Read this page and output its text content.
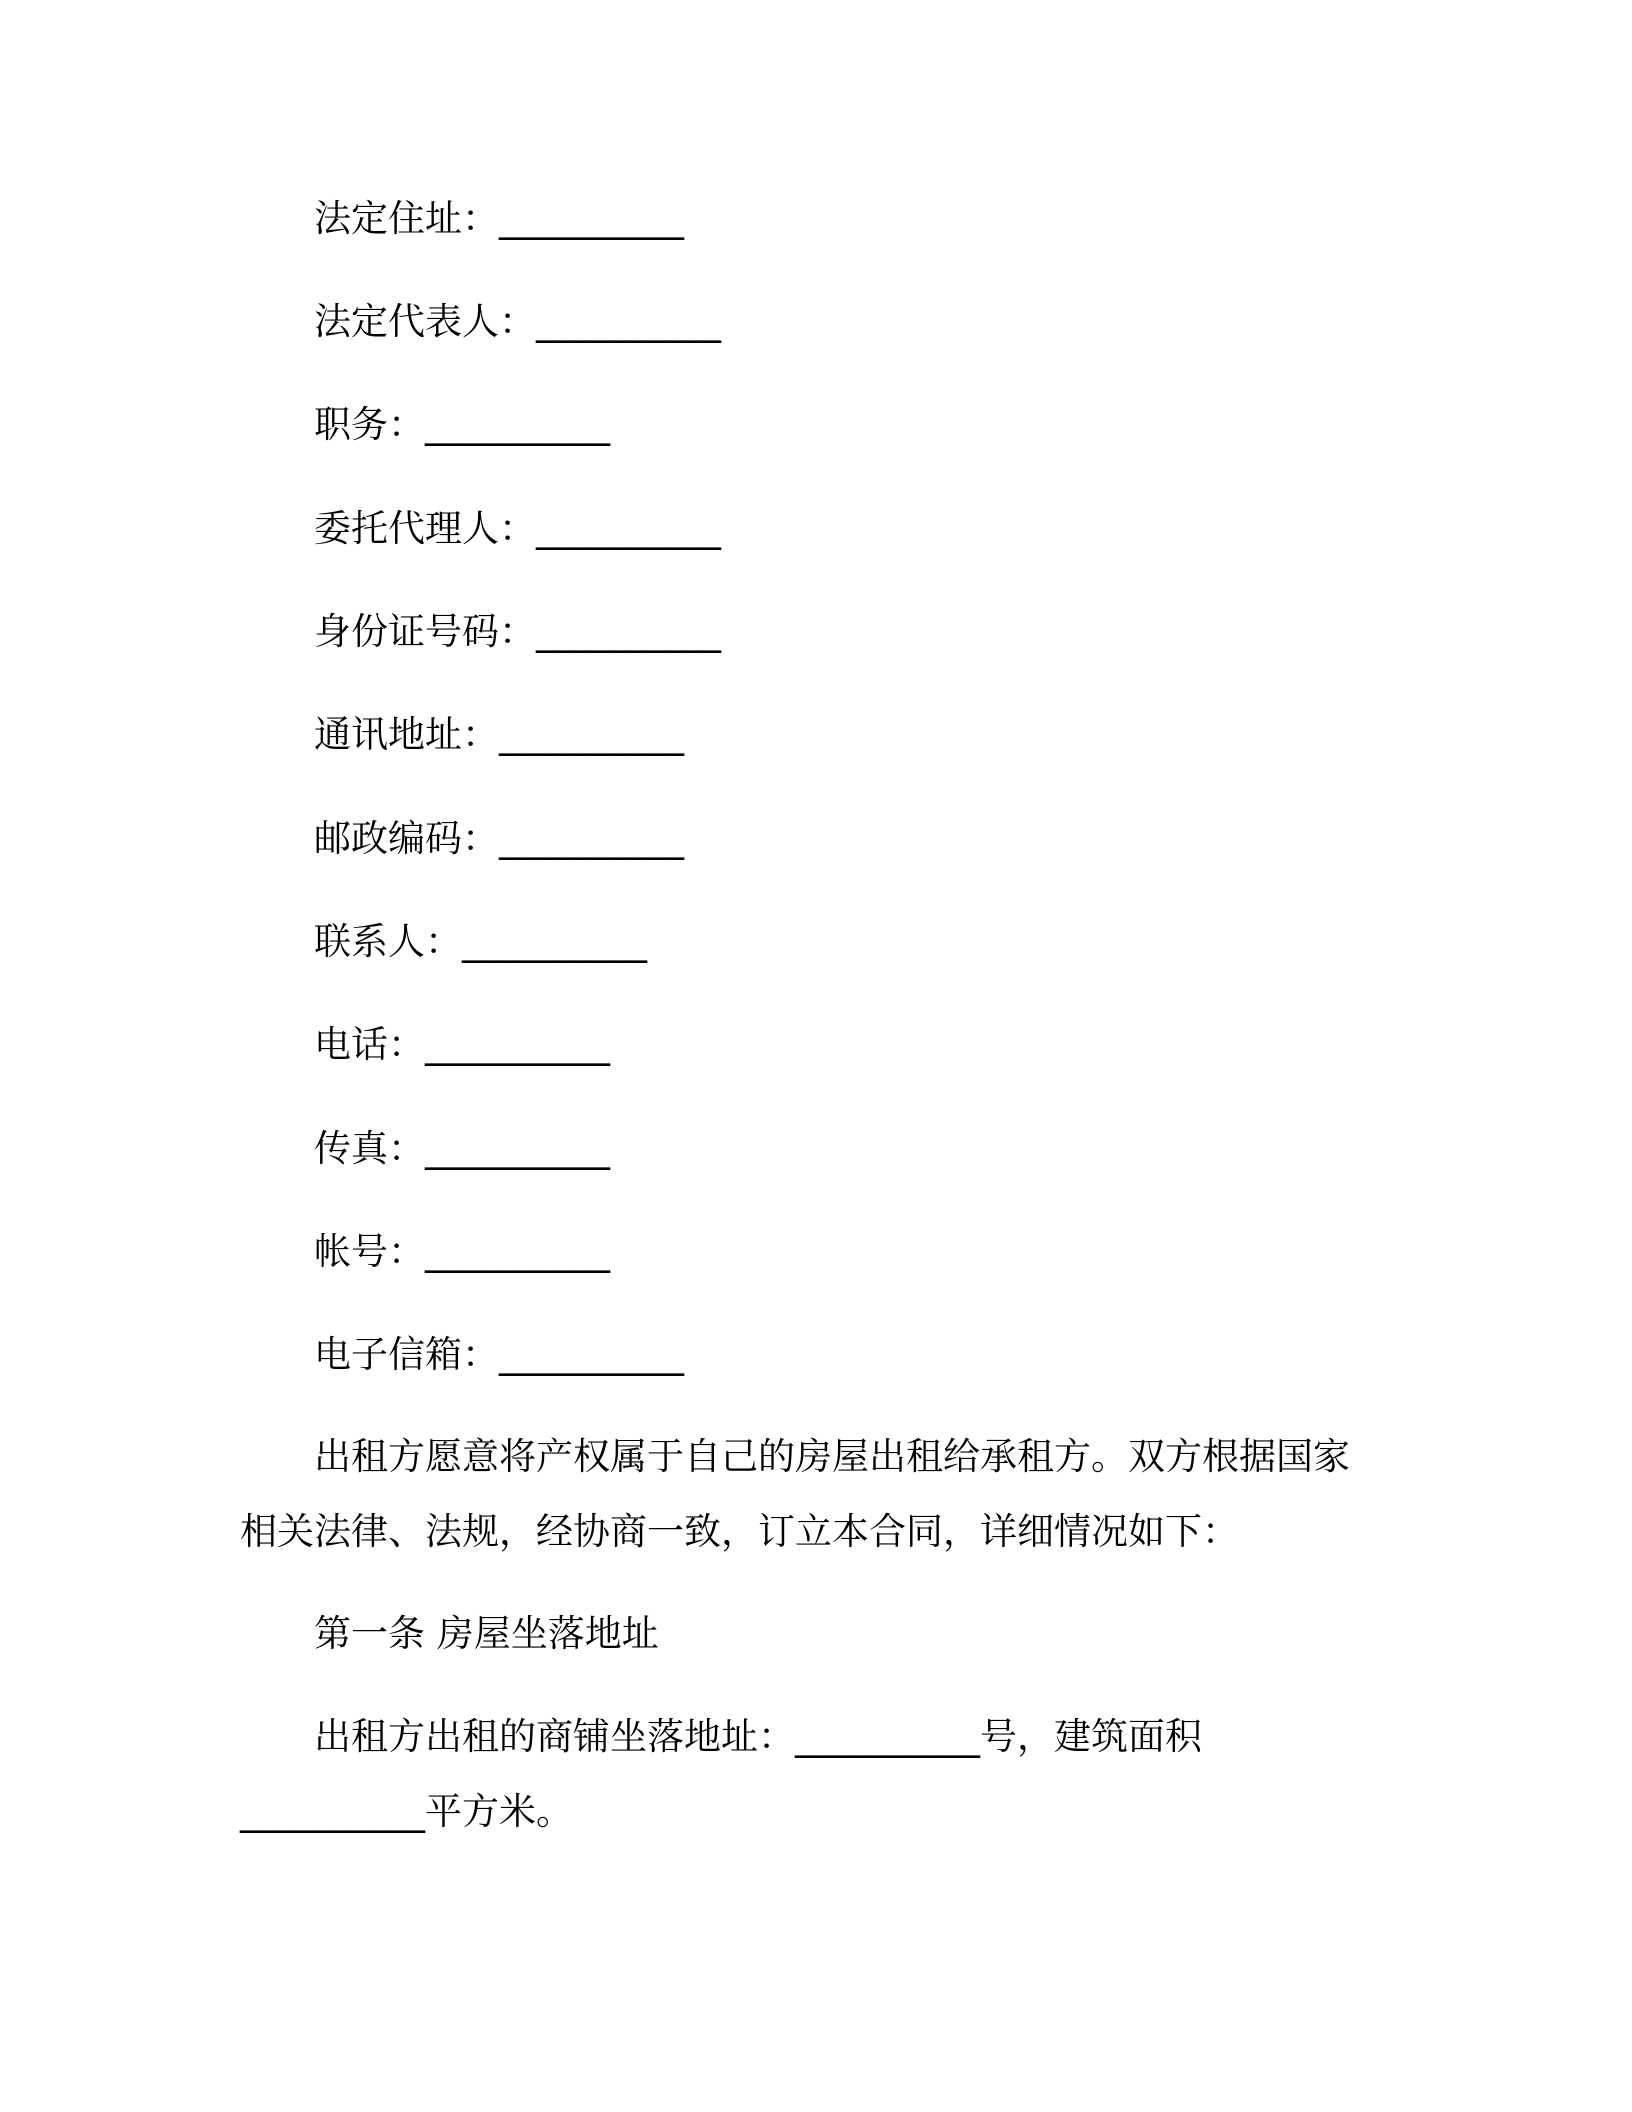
法定住址：__________
法定代表人：__________
职务：__________
委托代理人：__________
身份证号码：__________
通讯地址：__________
邮政编码：__________
联系人：__________
电话：__________
传真：__________
帐号：__________
电子信箱：__________
出租方愿意将产权属于自己的房屋出租给承租方。双方根据国家
相关法律、法规，经协商一致，订立本合同，详细情况如下：
第一条 房屋坐落地址
出租方出租的商铺坐落地址：__________号，建筑面积
__________平方米。
